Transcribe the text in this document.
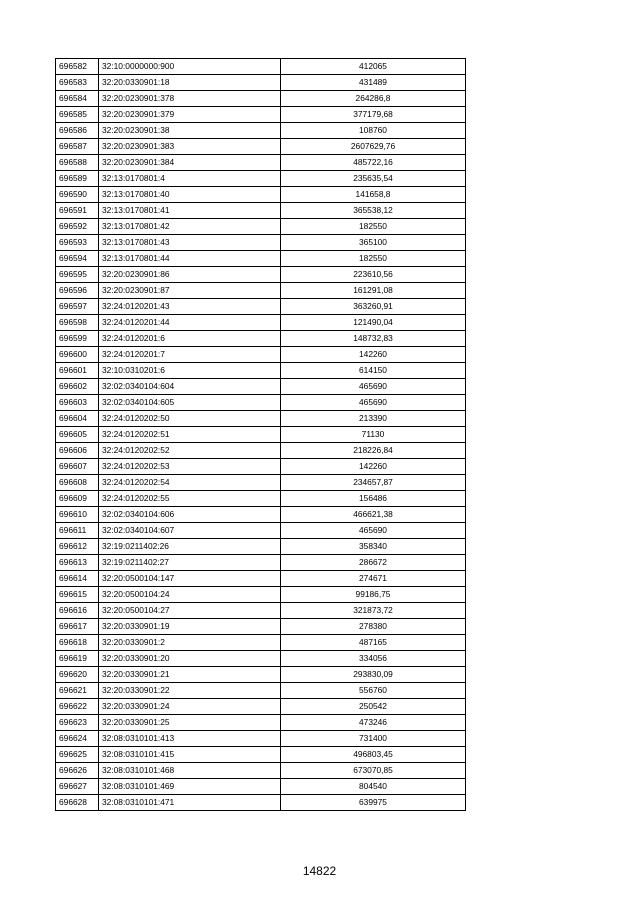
696582	32:10:0000000:900	412065
696583	32:20:0330901:18	431489
696584	32:20:0230901:378	264286,8
696585	32:20:0230901:379	377179,68
696586	32:20:0230901:38	108760
696587	32:20:0230901:383	2607629,76
696588	32:20:0230901:384	485722,16
696589	32:13:0170801:4	235635,54
696590	32:13:0170801:40	141658,8
696591	32:13:0170801:41	365538,12
696592	32:13:0170801:42	182550
696593	32:13:0170801:43	365100
696594	32:13:0170801:44	182550
696595	32:20:0230901:86	223610,56
696596	32:20:0230901:87	161291,08
696597	32:24:0120201:43	363260,91
696598	32:24:0120201:44	121490,04
696599	32:24:0120201:6	148732,83
696600	32:24:0120201:7	142260
696601	32:10:0310201:6	614150
696602	32:02:0340104:604	465690
696603	32:02:0340104:605	465690
696604	32:24:0120202:50	213390
696605	32:24:0120202:51	71130
696606	32:24:0120202:52	218226,84
696607	32:24:0120202:53	142260
696608	32:24:0120202:54	234657,87
696609	32:24:0120202:55	156486
696610	32:02:0340104:606	466621,38
696611	32:02:0340104:607	465690
696612	32:19:0211402:26	358340
696613	32:19:0211402:27	286672
696614	32:20:0500104:147	274671
696615	32:20:0500104:24	99186,75
696616	32:20:0500104:27	321873,72
696617	32:20:0330901:19	278380
696618	32:20:0330901:2	487165
696619	32:20:0330901:20	334056
696620	32:20:0330901:21	293830,09
696621	32:20:0330901:22	556760
696622	32:20:0330901:24	250542
696623	32:20:0330901:25	473246
696624	32:08:0310101:413	731400
696625	32:08:0310101:415	496803,45
696626	32:08:0310101:468	673070,85
696627	32:08:0310101:469	804540
696628	32:08:0310101:471	639975
14822
